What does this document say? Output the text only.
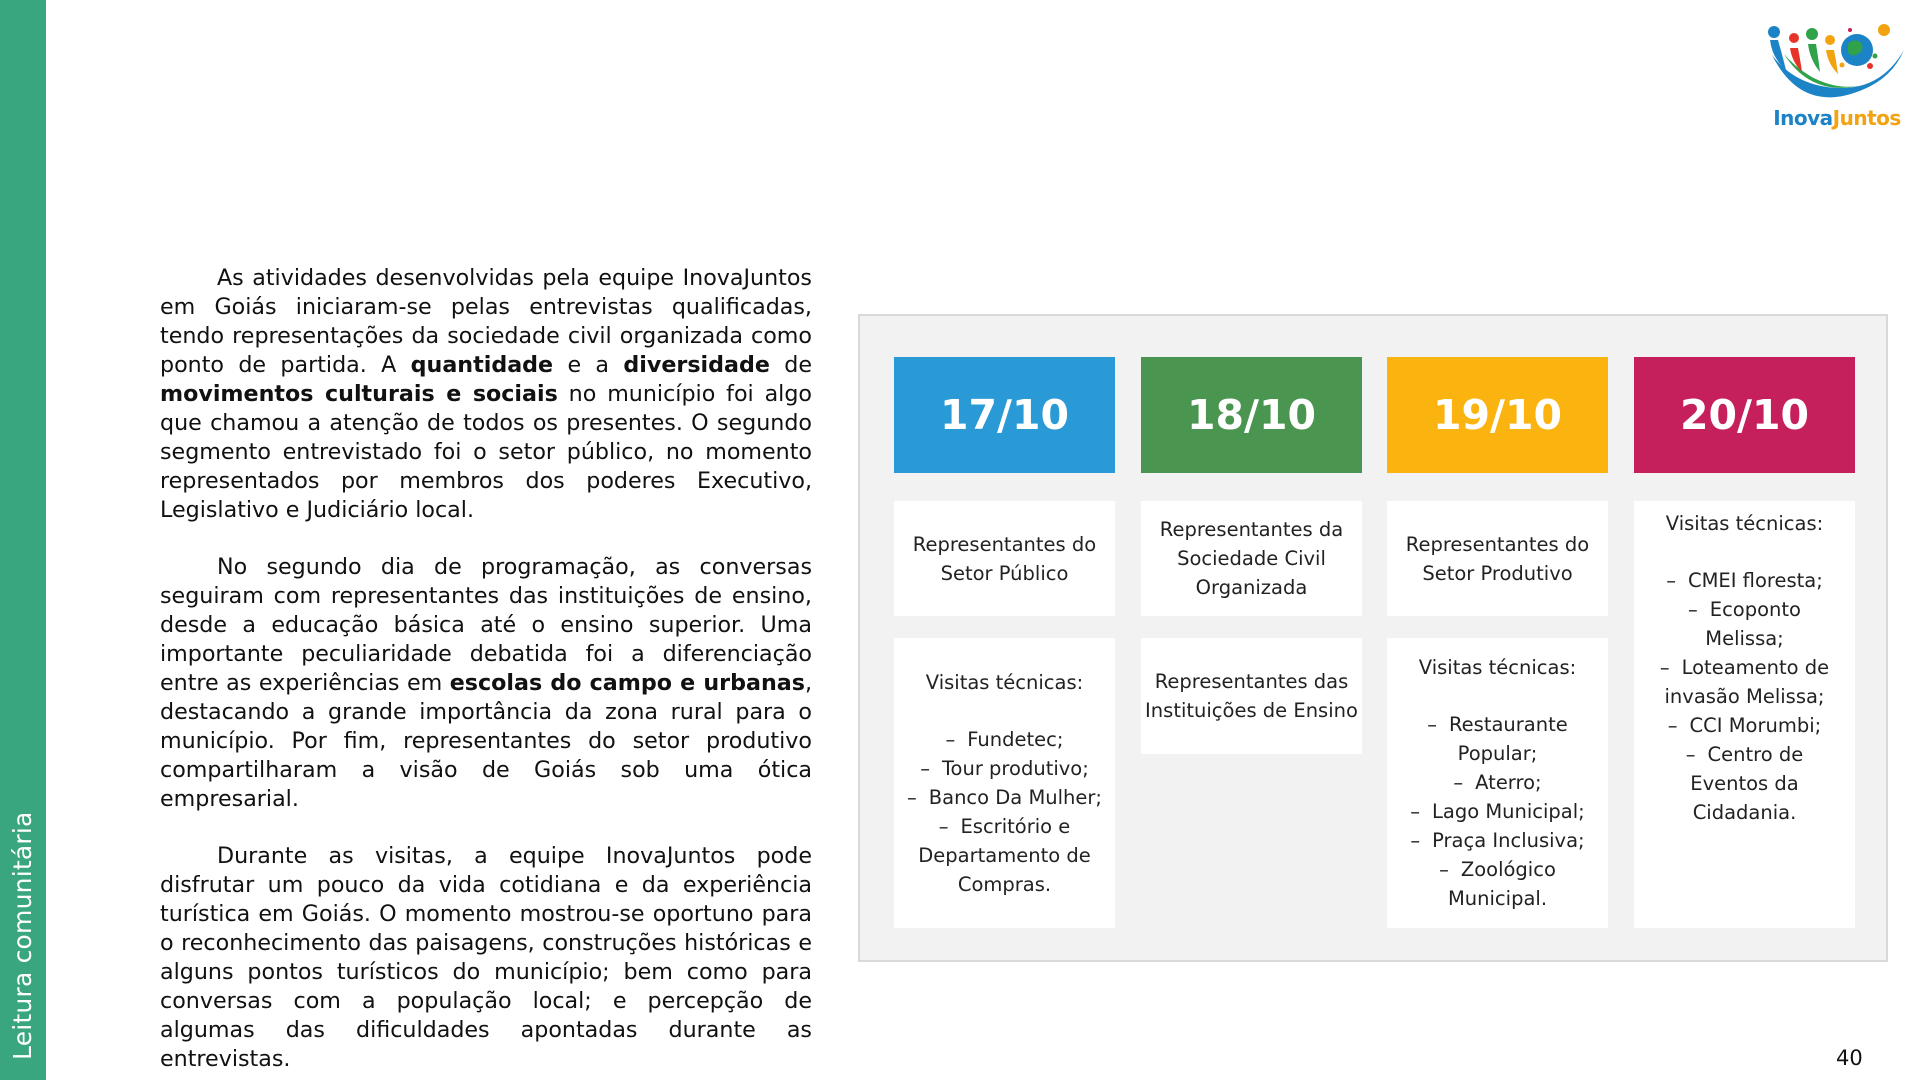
Leitura comunitária
InovaJuntos

As atividades desenvolvidas pela equipe InovaJuntos em Goiás iniciaram-se pelas entrevistas qualificadas, tendo representações da sociedade civil organizada como ponto de partida. A quantidade e a diversidade de movimentos culturais e sociais no município foi algo que chamou a atenção de todos os presentes. O segundo segmento entrevistado foi o setor público, no momento representados por membros dos poderes Executivo, Legislativo e Judiciário local.

No segundo dia de programação, as conversas seguiram com representantes das instituições de ensino, desde a educação básica até o ensino superior. Uma importante peculiaridade debatida foi a diferenciação entre as experiências em escolas do campo e urbanas, destacando a grande importância da zona rural para o município. Por fim, representantes do setor produtivo compartilharam a visão de Goiás sob uma ótica empresarial.

Durante as visitas, a equipe InovaJuntos pode disfrutar um pouco da vida cotidiana e da experiência turística em Goiás. O momento mostrou-se oportuno para o reconhecimento das paisagens, construções históricas e alguns pontos turísticos do município; bem como para conversas com a população local; e percepção de algumas das dificuldades apontadas durante as entrevistas.

17/10
Representantes do Setor Público
Visitas técnicas:
– Fundetec;
– Tour produtivo;
– Banco Da Mulher;
– Escritório e Departamento de Compras.
18/10
Representantes da Sociedade Civil Organizada
Representantes das Instituições de Ensino
19/10
Representantes do Setor Produtivo
Visitas técnicas:
– Restaurante Popular;
– Aterro;
– Lago Municipal;
– Praça Inclusiva;
– Zoológico Municipal.
20/10
Visitas técnicas:
– CMEI floresta;
– Ecoponto Melissa;
– Loteamento de invasão Melissa;
– CCI Morumbi;
– Centro de Eventos da Cidadania.
40
